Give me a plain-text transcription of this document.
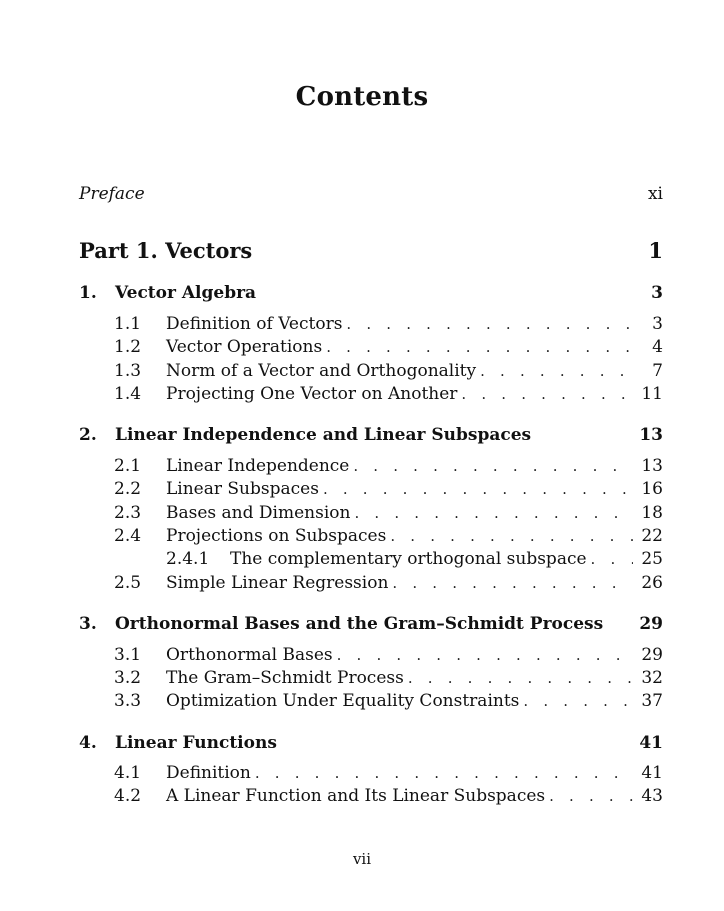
Contents
Preface	xi
Part 1. Vectors	1
1. Vector Algebra	3
1.1	Definition of Vectors . . .	3
1.2	Vector Operations . . .	4
1.3	Norm of a Vector and Orthogonality . . .	7
1.4	Projecting One Vector on Another . . .	11
2. Linear Independence and Linear Subspaces	13
2.1	Linear Independence . . .	13
2.2	Linear Subspaces . . .	16
2.3	Bases and Dimension . . .	18
2.4	Projections on Subspaces . . .	22
2.4.1	The complementary orthogonal subspace . . .	25
2.5	Simple Linear Regression . . .	26
3. Orthonormal Bases and the Gram–Schmidt Process 29
3.1	Orthonormal Bases . . .	29
3.2	The Gram–Schmidt Process . . .	32
3.3	Optimization Under Equality Constraints . . .	37
4. Linear Functions	41
4.1	Definition . . .	41
4.2	A Linear Function and Its Linear Subspaces . . .	43
vii
